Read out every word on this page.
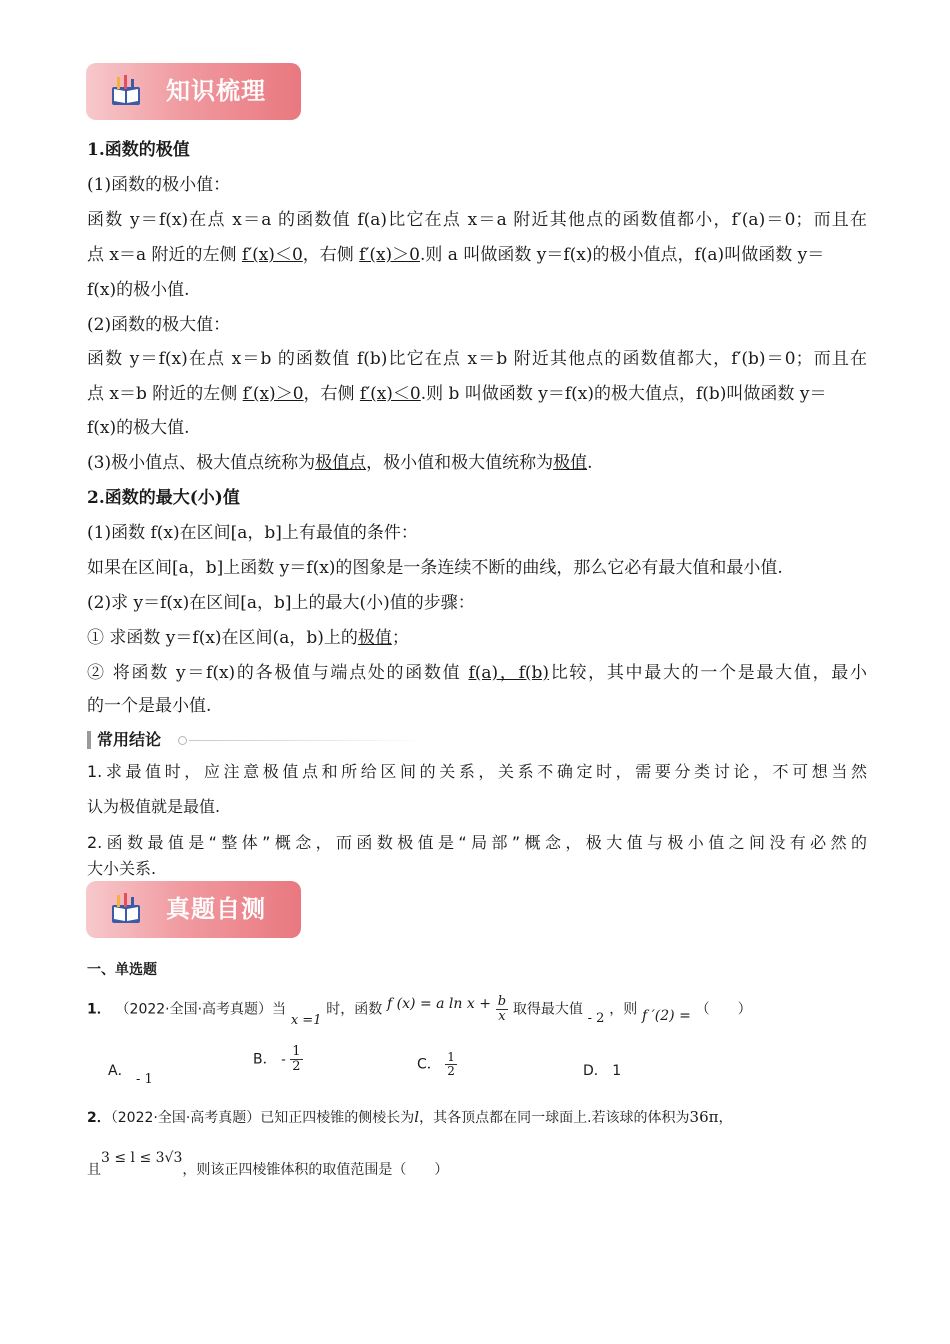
知识梳理
1.函数的极值
(1)函数的极小值：
函数 y＝f(x)在点 x＝a 的函数值 f(a)比它在点 x＝a 附近其他点的函数值都小，f′(a)＝0；而且在
点 x＝a 附近的左侧 f′(x)＜0，右侧 f′(x)＞0.则 a 叫做函数 y＝f(x)的极小值点，f(a)叫做函数 y＝
f(x)的极小值.
(2)函数的极大值：
函数 y＝f(x)在点 x＝b 的函数值 f(b)比它在点 x＝b 附近其他点的函数值都大，f′(b)＝0；而且在
点 x＝b 附近的左侧 f′(x)＞0，右侧 f′(x)＜0.则 b 叫做函数 y＝f(x)的极大值点，f(b)叫做函数 y＝
f(x)的极大值.
(3)极小值点、极大值点统称为极值点，极小值和极大值统称为极值.
2.函数的最大(小)值
(1)函数 f(x)在区间[a，b]上有最值的条件：
如果在区间[a，b]上函数 y＝f(x)的图象是一条连续不断的曲线，那么它必有最大值和最小值.
(2)求 y＝f(x)在区间[a，b]上的最大(小)值的步骤：
① 求函数 y＝f(x)在区间(a，b)上的极值；
② 将函数 y＝f(x)的各极值与端点处的函数值 f(a)，f(b)比较，其中最大的一个是最大值，最小
的一个是最小值.
常用结论
1.求最值时，应注意极值点和所给区间的关系，关系不确定时，需要分类讨论，不可想当然
认为极值就是最值.
2.函数最值是“整体”概念，而函数极值是“局部”概念，极大值与极小值之间没有必然的
大小关系.
真题自测
一、单选题
1． （2022·全国·高考真题）当 x =1 时，函数 f (x) = a $\ln x + \frac{b}{x}$ 取得最大值 - 2 ，则 f ′(2) = （　　）
A． - 1
B． - $\frac{1}{2}$	C． $\frac{1}{2}$	D． 1
2．（2022·全国·高考真题）已知正四棱锥的侧棱长为l，其各顶点都在同一球面上.若该球的体积为36π，
且3 ≤ l ≤ 3√3，则该正四棱锥体积的取值范围是（　　）
